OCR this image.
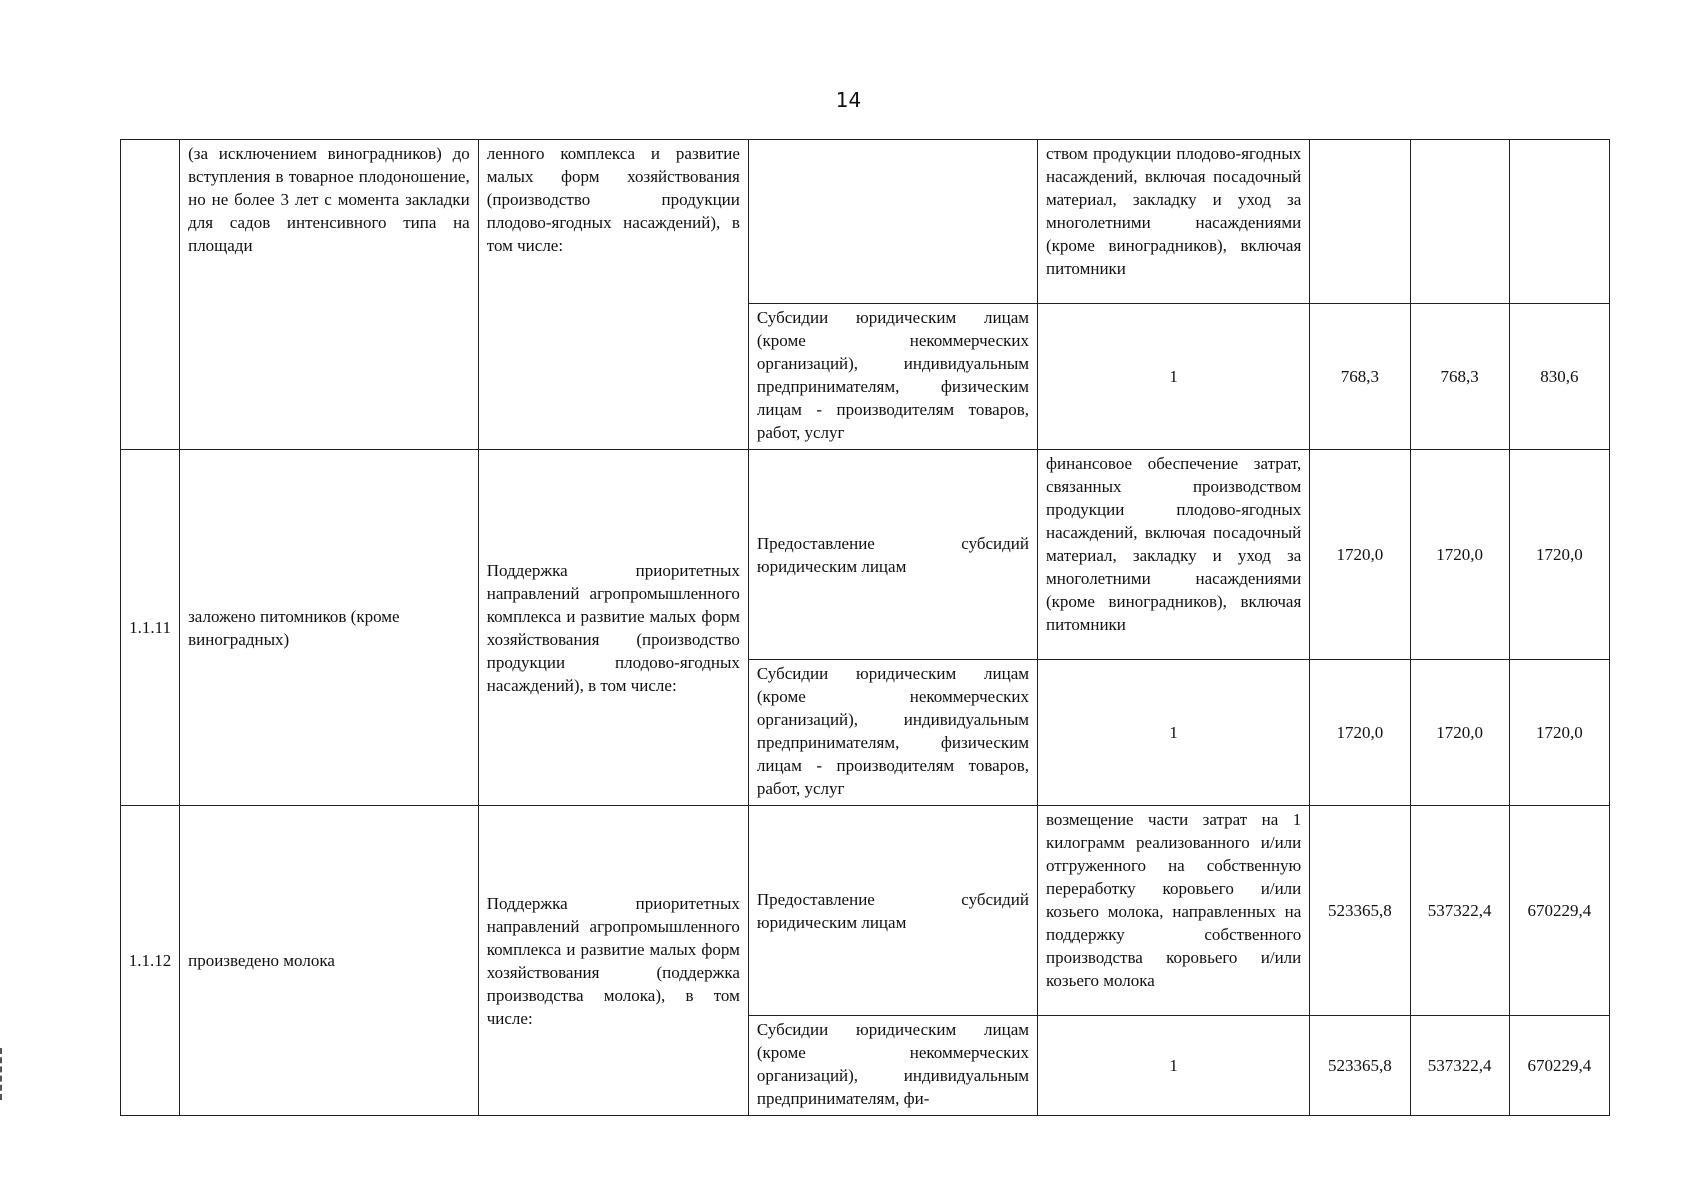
14
	(за исключением виноградников) до вступления в товарное плодоношение, но не более 3 лет с момента закладки для садов интенсивного типа на площади	ленного комплекса и развитие малых форм хозяйствования (производство продукции плодово-ягодных насаждений), в том числе:		ством продукции плодово-ягодных насаждений, включая посадочный материал, закладку и уход за многолетними насаждениями (кроме виноградников), включая питомники			
			Субсидии юридическим лицам (кроме некоммерческих организаций), индивидуальным предпринимателям, физическим лицам - производителям товаров, работ, услуг	1	768,3	768,3	830,6
1.1.11	заложено питомников (кроме виноградных)	Поддержка приоритетных направлений агропромышленного комплекса и развитие малых форм хозяйствования (производство продукции плодово-ягодных насаждений), в том числе:	Предоставление субсидий юридическим лицам	финансовое обеспечение затрат, связанных производством продукции плодово-ягодных насаждений, включая посадочный материал, закладку и уход за многолетними насаждениями (кроме виноградников), включая питомники	1720,0	1720,0	1720,0
			Субсидии юридическим лицам (кроме некоммерческих организаций), индивидуальным предпринимателям, физическим лицам - производителям товаров, работ, услуг	1	1720,0	1720,0	1720,0
1.1.12	произведено молока	Поддержка приоритетных направлений агропромышленного комплекса и развитие малых форм хозяйствования (поддержка производства молока), в том числе:	Предоставление субсидий юридическим лицам	возмещение части затрат на 1 килограмм реализованного и/или отгруженного на собственную переработку коровьего и/или козьего молока, направленных на поддержку собственного производства коровьего и/или козьего молока	523365,8	537322,4	670229,4

			Субсидии юридическим лицам (кроме некоммерческих организаций), индивидуальным предпринимателям, фи-	1	523365,8	537322,4	670229,4
